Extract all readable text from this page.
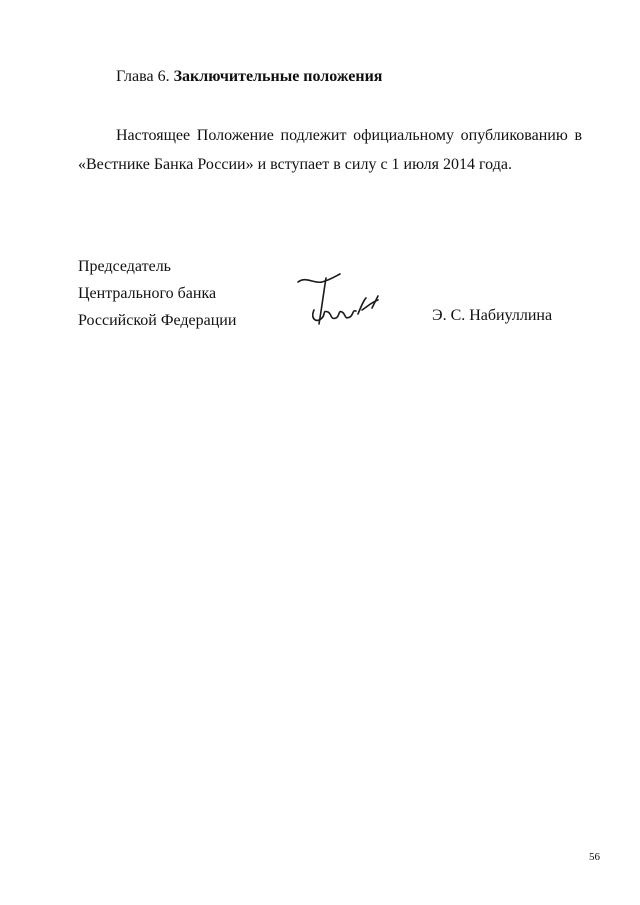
Глава 6. Заключительные положения
Настоящее Положение подлежит официальному опубликованию в
«Вестнике Банка России» и вступает в силу с 1 июля 2014 года.
Председатель
Центрального банка
Российской Федерации	Э. С. Набиуллина
56
